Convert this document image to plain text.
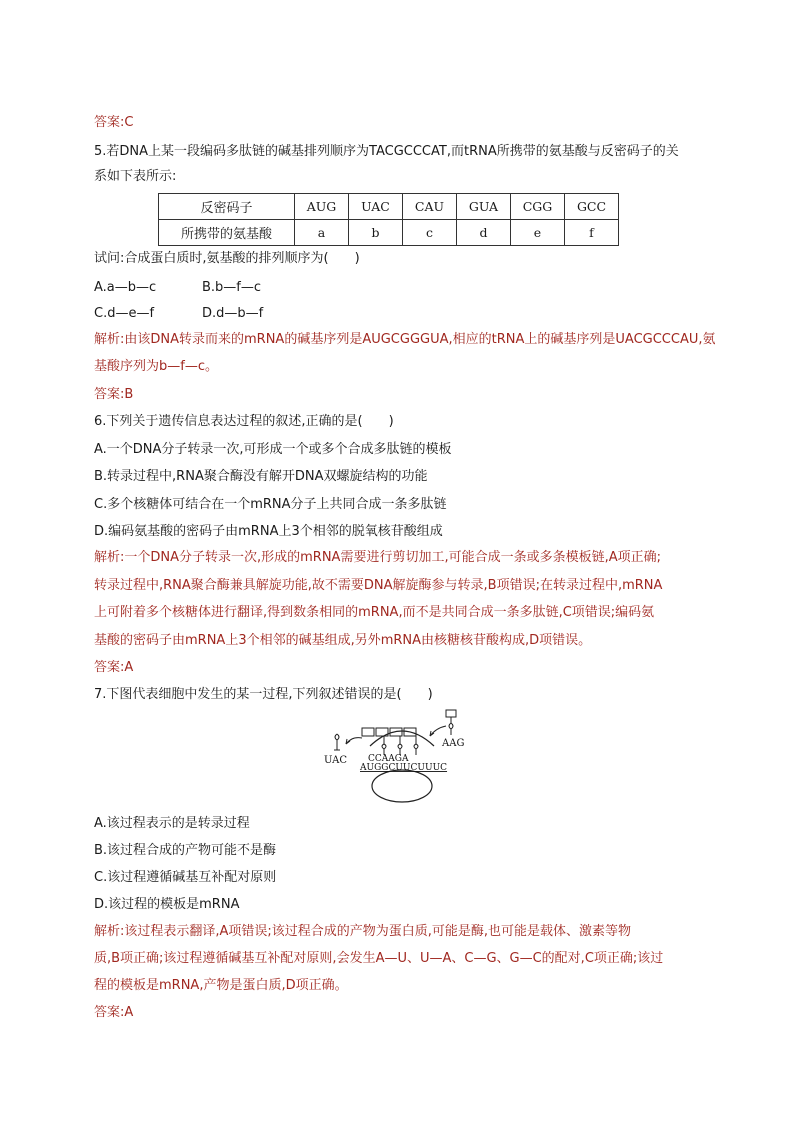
答案:C
5.若DNA上某一段编码多肽链的碱基排列顺序为TACGCCCAT,而tRNA所携带的氨基酸与反密码子的关
系如下表所示:
反密码子	AUG	UAC	CAU	GUA	CGG	GCC
所携带的氨基酸	a	b	c	d	e	f
试问:合成蛋白质时,氨基酸的排列顺序为(　　)
A.a—b—c	B.b—f—c
C.d—e—f	D.d—b—f
解析:由该DNA转录而来的mRNA的碱基序列是AUGCGGGUA,相应的tRNA上的碱基序列是UACGCCCAU,氨
基酸序列为b—f—c。
答案:B
6.下列关于遗传信息表达过程的叙述,正确的是(　　)
A.一个DNA分子转录一次,可形成一个或多个合成多肽链的模板
B.转录过程中,RNA聚合酶没有解开DNA双螺旋结构的功能
C.多个核糖体可结合在一个mRNA分子上共同合成一条多肽链
D.编码氨基酸的密码子由mRNA上3个相邻的脱氧核苷酸组成
解析:一个DNA分子转录一次,形成的mRNA需要进行剪切加工,可能合成一条或多条模板链,A项正确;
转录过程中,RNA聚合酶兼具解旋功能,故不需要DNA解旋酶参与转录,B项错误;在转录过程中,mRNA
上可附着多个核糖体进行翻译,得到数条相同的mRNA,而不是共同合成一条多肽链,C项错误;编码氨
基酸的密码子由mRNA上3个相邻的碱基组成,另外mRNA由核糖核苷酸构成,D项错误。
答案:A
7.下图代表细胞中发生的某一过程,下列叙述错误的是(　　)
UAC
AAG
CCAAGA
AUGGCUUCUUUC
A.该过程表示的是转录过程
B.该过程合成的产物可能不是酶
C.该过程遵循碱基互补配对原则
D.该过程的模板是mRNA
解析:该过程表示翻译,A项错误;该过程合成的产物为蛋白质,可能是酶,也可能是载体、激素等物
质,B项正确;该过程遵循碱基互补配对原则,会发生A—U、U—A、C—G、G—C的配对,C项正确;该过
程的模板是mRNA,产物是蛋白质,D项正确。
答案:A
